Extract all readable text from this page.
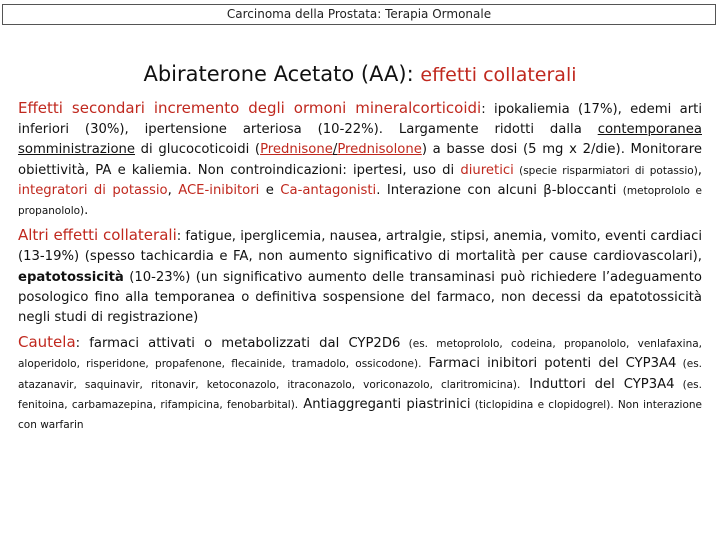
Carcinoma della Prostata: Terapia Ormonale
Abiraterone Acetato (AA): effetti collaterali

Effetti secondari incremento degli ormoni mineralcorticoidi: ipokaliemia (17%), edemi arti inferiori (30%), ipertensione arteriosa (10-22%). Largamente ridotti dalla contemporanea somministrazione di glucocoticoidi (Prednisone/Prednisolone) a basse dosi (5 mg x 2/die). Monitorare obiettività, PA e kaliemia. Non controindicazioni: ipertesi, uso di diuretici (specie risparmiatori di potassio), integratori di potassio, ACE-inibitori e Ca-antagonisti. Interazione con alcuni β-bloccanti (metoprololo e propanololo).

Altri effetti collaterali: fatigue, iperglicemia, nausea, artralgie, stipsi, anemia, vomito, eventi cardiaci (13-19%) (spesso tachicardia e FA, non aumento significativo di mortalità per cause cardiovascolari), epatotossicità (10-23%) (un significativo aumento delle transaminasi può richiedere l’adeguamento posologico fino alla temporanea o definitiva sospensione del farmaco, non decessi da epatotossicità negli studi di registrazione)

Cautela: farmaci attivati o metabolizzati dal CYP2D6 (es. metoprololo, codeina, propanololo, venlafaxina, aloperidolo, risperidone, propafenone, flecainide, tramadolo, ossicodone). Farmaci inibitori potenti del CYP3A4 (es. atazanavir, saquinavir, ritonavir, ketoconazolo, itraconazolo, voriconazolo, claritromicina). Induttori del CYP3A4 (es. fenitoina, carbamazepina, rifampicina, fenobarbital). Antiaggreganti piastrinici (ticlopidina e clopidogrel). Non interazione con warfarin
